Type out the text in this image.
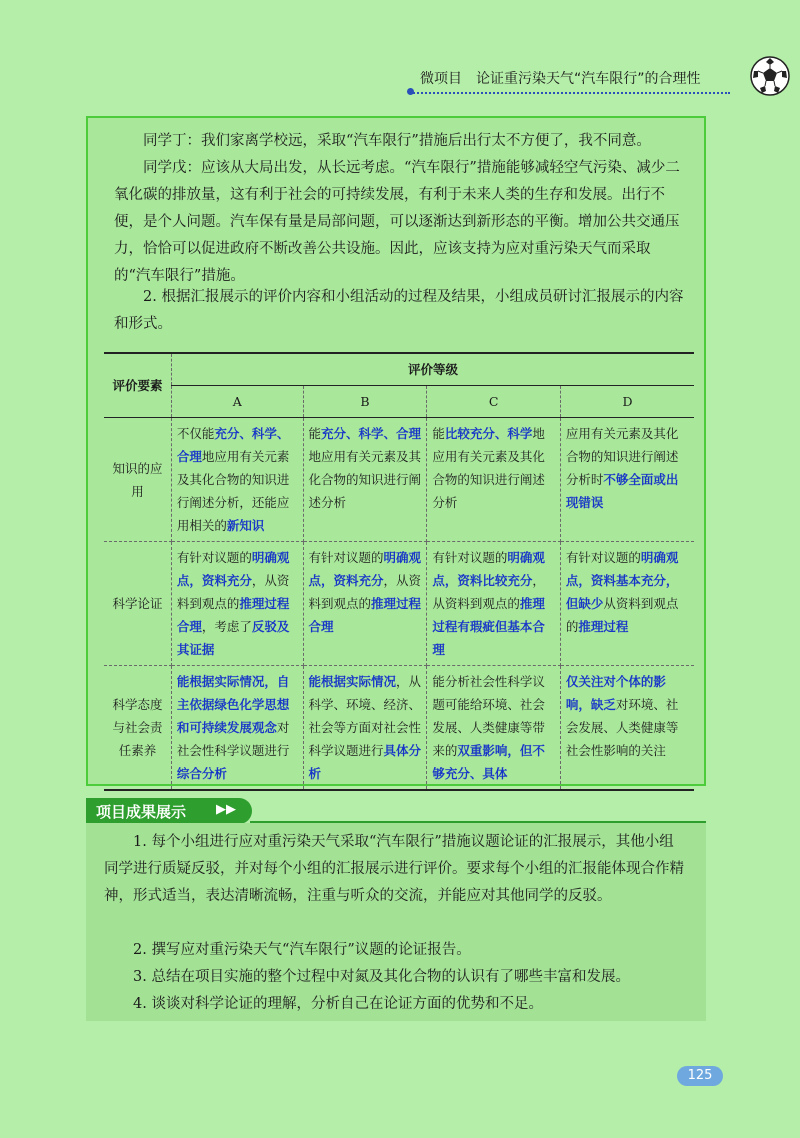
微项目　论证重污染天气“汽车限行”的合理性

同学丁：我们家离学校远，采取“汽车限行”措施后出行太不方便了，我不同意。

同学戊：应该从大局出发，从长远考虑。“汽车限行”措施能够减轻空气污染、减少二氧化碳的排放量，这有利于社会的可持续发展，有利于未来人类的生存和发展。出行不便，是个人问题。汽车保有量是局部问题，可以逐渐达到新形态的平衡。增加公共交通压力，恰恰可以促进政府不断改善公共设施。因此，应该支持为应对重污染天气而采取的“汽车限行”措施。

2. 根据汇报展示的评价内容和小组活动的过程及结果，小组成员研讨汇报展示的内容和形式。

评价要素	评价等级			
	A	B	C	D
知识的应用	不仅能充分、科学、合理地应用有关元素及其化合物的知识进行阐述分析，还能应用相关的新知识	能充分、科学、合理地应用有关元素及其化合物的知识进行阐述分析	能比较充分、科学地应用有关元素及其化合物的知识进行阐述分析	应用有关元素及其化合物的知识进行阐述分析时不够全面或出现错误
科学论证	有针对议题的明确观点，资料充分，从资料到观点的推理过程合理，考虑了反驳及其证据	有针对议题的明确观点，资料充分，从资料到观点的推理过程合理	有针对议题的明确观点，资料比较充分，从资料到观点的推理过程有瑕疵但基本合理	有针对议题的明确观点，资料基本充分，但缺少从资料到观点的推理过程
科学态度与社会责任素养	能根据实际情况，自主依据绿色化学思想和可持续发展观念对社会性科学议题进行综合分析	能根据实际情况，从科学、环境、经济、社会等方面对社会性科学议题进行具体分析	能分析社会性科学议题可能给环境、社会发展、人类健康等带来的双重影响，但不够充分、具体	仅关注对个体的影响，缺乏对环境、社会发展、人类健康等社会性影响的关注
项目成果展示 ▶▶

1. 每个小组进行应对重污染天气采取“汽车限行”措施议题论证的汇报展示，其他小组同学进行质疑反驳，并对每个小组的汇报展示进行评价。要求每个小组的汇报能体现合作精神，形式适当，表达清晰流畅，注重与听众的交流，并能应对其他同学的反驳。

2. 撰写应对重污染天气“汽车限行”议题的论证报告。

3. 总结在项目实施的整个过程中对氮及其化合物的认识有了哪些丰富和发展。

4. 谈谈对科学论证的理解，分析自己在论证方面的优势和不足。

125
